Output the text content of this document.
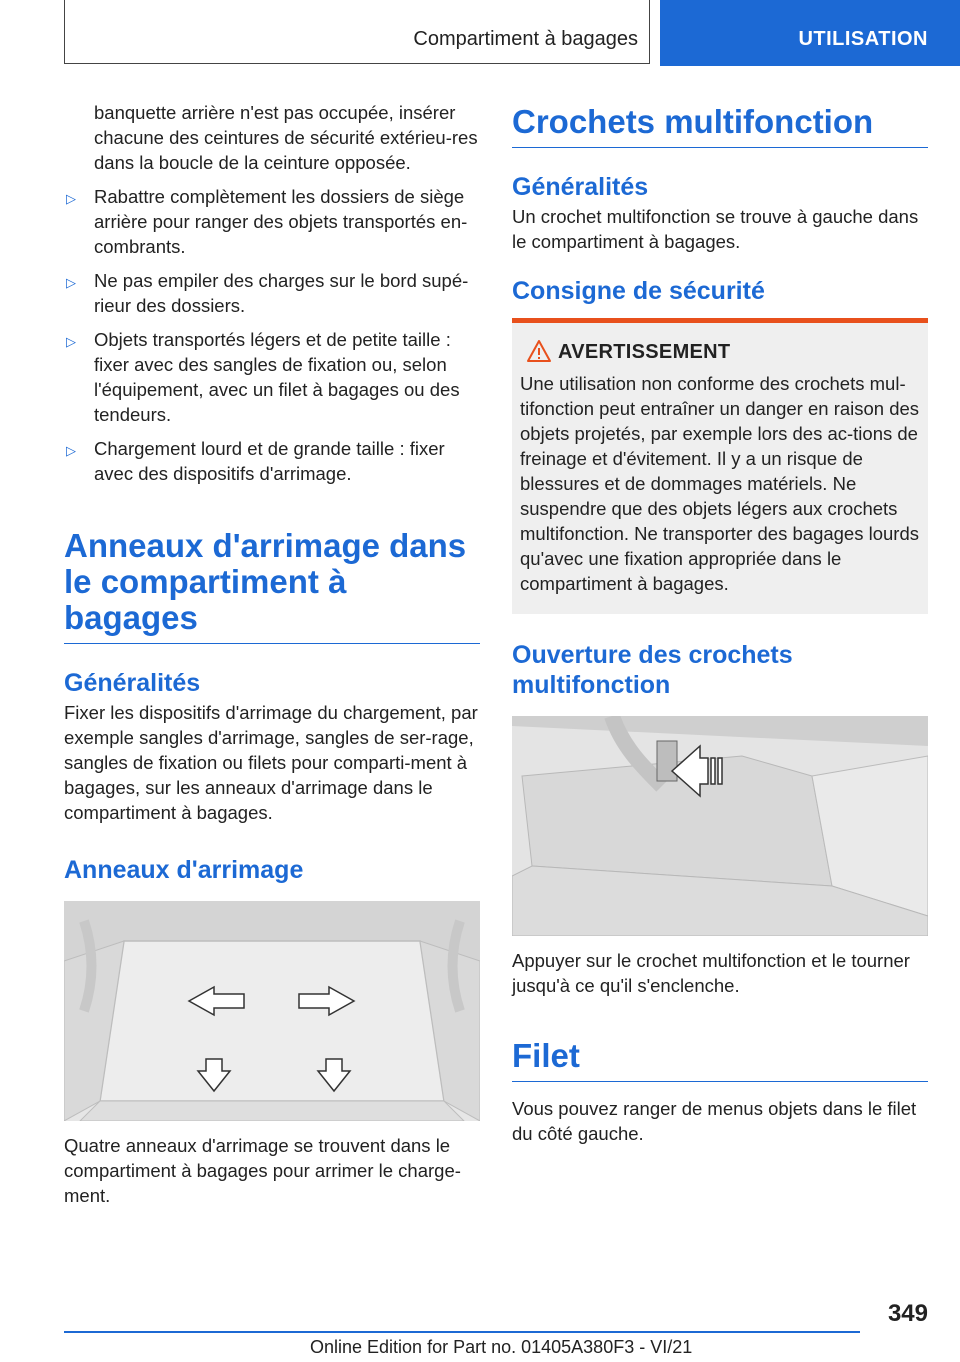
Compartiment à bagages	UTILISATION

banquette arrière n'est pas occupée, insérer chacune des ceintures de sécurité extérieu-res dans la boucle de la ceinture opposée.

▷ Rabattre complètement les dossiers de siège arrière pour ranger des objets transportés en-combrants.
▷ Ne pas empiler des charges sur le bord supé-rieur des dossiers.
▷ Objets transportés légers et de petite taille : fixer avec des sangles de fixation ou, selon l'équipement, avec un filet à bagages ou des tendeurs.
▷ Chargement lourd et de grande taille : fixer avec des dispositifs d'arrimage.
Anneaux d'arrimage dans
le compartiment à bagages
Généralités

Fixer les dispositifs d'arrimage du chargement, par exemple sangles d'arrimage, sangles de ser-rage, sangles de fixation ou filets pour comparti-ment à bagages, sur les anneaux d'arrimage dans le compartiment à bagages.

Anneaux d'arrimage

Quatre anneaux d'arrimage se trouvent dans le compartiment à bagages pour arrimer le charge-ment.

Crochets multifonction
Généralités

Un crochet multifonction se trouve à gauche dans le compartiment à bagages.

Consigne de sécurité
AVERTISSEMENT

Une utilisation non conforme des crochets mul-tifonction peut entraîner un danger en raison des objets projetés, par exemple lors des ac-tions de freinage et d'évitement. Il y a un risque de blessures et de dommages matériels. Ne suspendre que des objets légers aux crochets multifonction. Ne transporter des bagages lourds qu'avec une fixation appropriée dans le compartiment à bagages.

Ouverture des crochets
multifonction

Appuyer sur le crochet multifonction et le tourner jusqu'à ce qu'il s'enclenche.

Filet

Vous pouvez ranger de menus objets dans le filet du côté gauche.

349
Online Edition for Part no. 01405A380F3 - VI/21
